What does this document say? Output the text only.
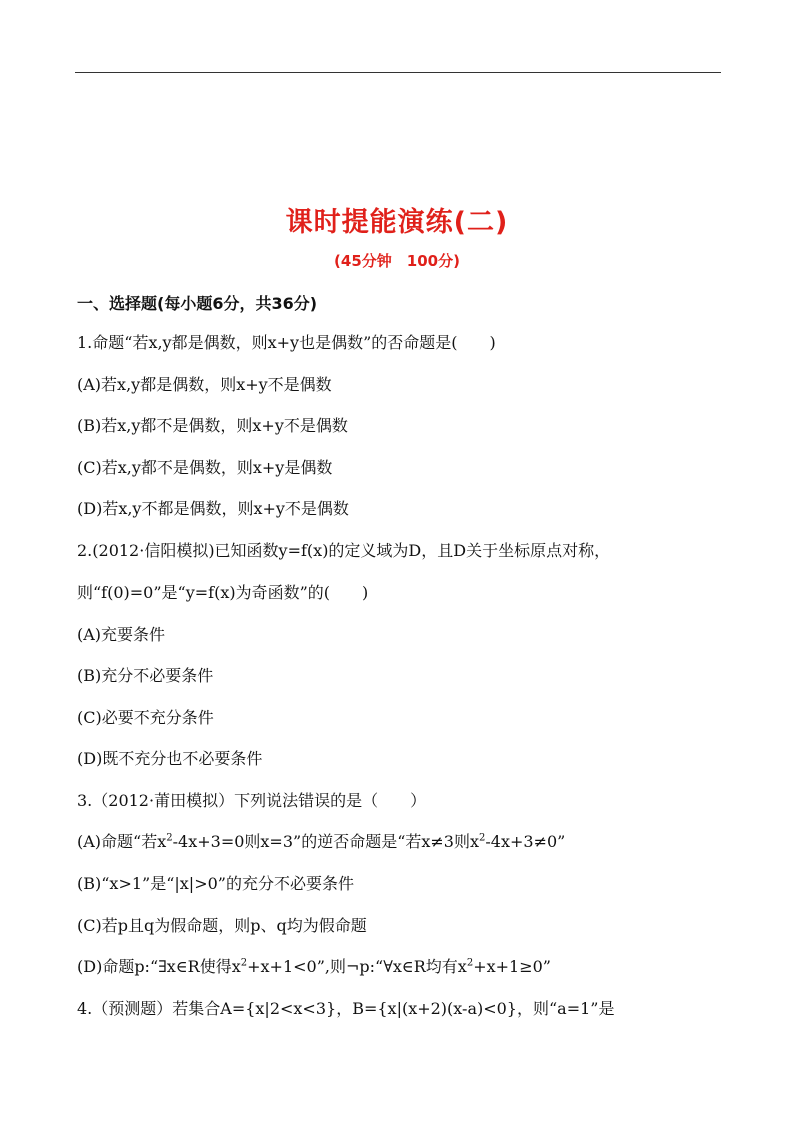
课时提能演练(二)
(45分钟　100分)
一、选择题(每小题6分，共36分)
1.命题“若x,y都是偶数，则x+y也是偶数”的否命题是(　　)
(A)若x,y都是偶数，则x+y不是偶数
(B)若x,y都不是偶数，则x+y不是偶数
(C)若x,y都不是偶数，则x+y是偶数
(D)若x,y不都是偶数，则x+y不是偶数
2.(2012·信阳模拟)已知函数y=f(x)的定义域为D，且D关于坐标原点对称，
则“f(0)=0”是“y=f(x)为奇函数”的(　　)
(A)充要条件
(B)充分不必要条件
(C)必要不充分条件
(D)既不充分也不必要条件
3.（2012·莆田模拟）下列说法错误的是（　　）
(A)命题“若$x^2-4x+3=0$则x=3”的逆否命题是“若x≠3则$x^2-4x+3\ne 0$”
(B)“x>1”是“|x|>0”的充分不必要条件
(C)若p且q为假命题，则p、q均为假命题
(D)命题p:“∃x∈R使得$x^2+x+1<0$”,则¬p:“∀x∈R均有$x^2+x+1\ge 0$”
4.（预测题）若集合A={x|2<x<3}，B={x|(x+2)(x-a)<0}，则“a=1”是
